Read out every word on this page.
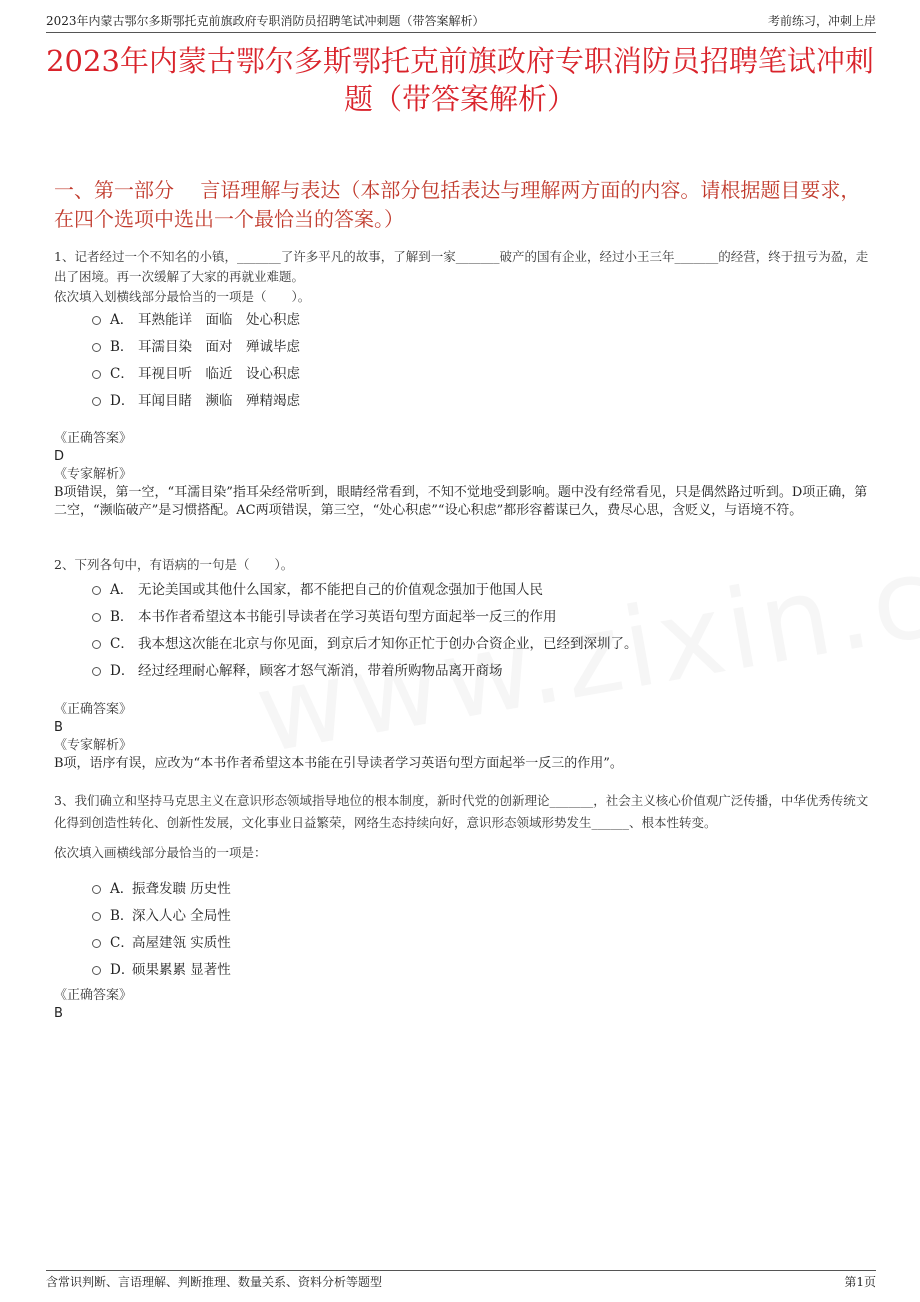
2023年内蒙古鄂尔多斯鄂托克前旗政府专职消防员招聘笔试冲刺题（带答案解析）	考前练习，冲刺上岸
2023年内蒙古鄂尔多斯鄂托克前旗政府专职消防员招聘笔试冲刺题（带答案解析）
一、第一部分　 言语理解与表达（本部分包括表达与理解两方面的内容。请根据题目要求，在四个选项中选出一个最恰当的答案。）
1、记者经过一个不知名的小镇，_______了许多平凡的故事，了解到一家_______破产的国有企业，经过小王三年_______的经营，终于扭亏为盈，走出了困境。再一次缓解了大家的再就业难题。
依次填入划横线部分最恰当的一项是（　　）。
A． 耳熟能详　面临　处心积虑
B． 耳濡目染　面对　殚诚毕虑
C． 耳视目听　临近　设心积虑
D． 耳闻目睹　濒临　殚精竭虑
《正确答案》
D
《专家解析》
B项错误，第一空，“耳濡目染”指耳朵经常听到，眼睛经常看到，不知不觉地受到影响。题中没有经常看见，只是偶然路过听到。D项正确，第二空，“濒临破产”是习惯搭配。AC两项错误，第三空，“处心积虑”“设心积虑”都形容蓄谋已久，费尽心思，含贬义，与语境不符。
2、下列各句中，有语病的一句是（　　）。
A． 无论美国或其他什么国家，都不能把自己的价值观念强加于他国人民
B． 本书作者希望这本书能引导读者在学习英语句型方面起举一反三的作用
C． 我本想这次能在北京与你见面，到京后才知你正忙于创办合资企业，已经到深圳了。
D． 经过经理耐心解释，顾客才怒气渐消，带着所购物品离开商场
《正确答案》
B
《专家解析》
B项，语序有误，应改为“本书作者希望这本书能在引导读者学习英语句型方面起举一反三的作用”。
3、我们确立和坚持马克思主义在意识形态领域指导地位的根本制度，新时代党的创新理论_______，社会主义核心价值观广泛传播，中华优秀传统文化得到创造性转化、创新性发展，文化事业日益繁荣，网络生态持续向好，意识形态领域形势发生______、根本性转变。
依次填入画横线部分最恰当的一项是：
A．
振聋发聩 历史性
B．
深入人心 全局性
C．
高屋建瓴 实质性
D．
硕果累累 显著性
《正确答案》
B
含常识判断、言语理解、判断推理、数量关系、资料分析等题型	第1页
